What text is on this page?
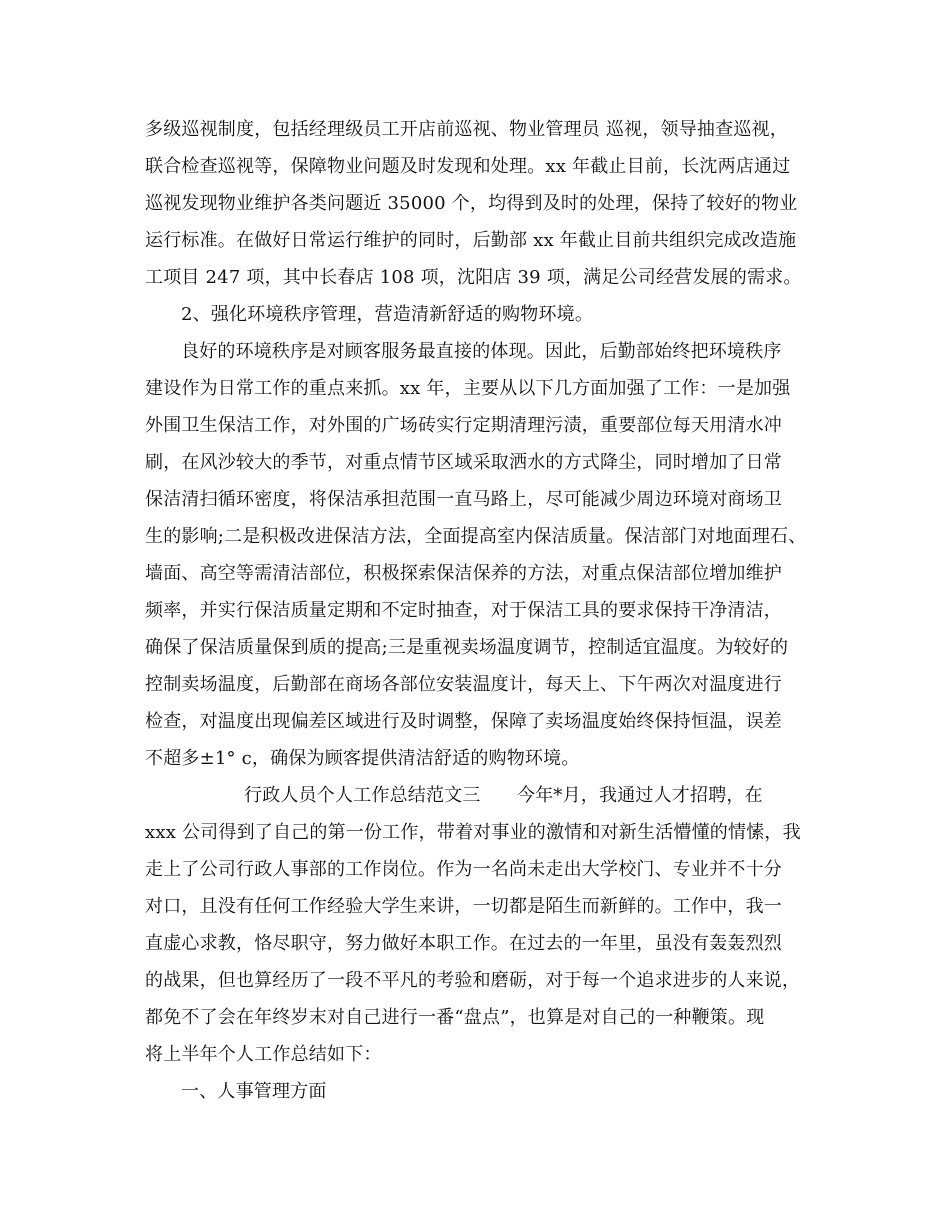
多级巡视制度，包括经理级员工开店前巡视、物业管理员 巡视，领导抽查巡视，
联合检查巡视等，保障物业问题及时发现和处理。xx 年截止目前，长沈两店通过
巡视发现物业维护各类问题近 35000 个，均得到及时的处理，保持了较好的物业
运行标准。在做好日常运行维护的同时，后勤部 xx 年截止目前共组织完成改造施
工项目 247 项，其中长春店 108 项，沈阳店 39 项，满足公司经营发展的需求。
2、强化环境秩序管理，营造清新舒适的购物环境。
良好的环境秩序是对顾客服务最直接的体现。因此，后勤部始终把环境秩序
建设作为日常工作的重点来抓。xx 年，主要从以下几方面加强了工作：一是加强
外围卫生保洁工作，对外围的广场砖实行定期清理污渍，重要部位每天用清水冲
刷，在风沙较大的季节，对重点情节区域采取洒水的方式降尘，同时增加了日常
保洁清扫循环密度，将保洁承担范围一直马路上，尽可能减少周边环境对商场卫
生的影响;二是积极改进保洁方法，全面提高室内保洁质量。保洁部门对地面理石、
墙面、高空等需清洁部位，积极探索保洁保养的方法，对重点保洁部位增加维护
频率，并实行保洁质量定期和不定时抽查，对于保洁工具的要求保持干净清洁，
确保了保洁质量保到质的提高;三是重视卖场温度调节，控制适宜温度。为较好的
控制卖场温度，后勤部在商场各部位安装温度计，每天上、下午两次对温度进行
检查，对温度出现偏差区域进行及时调整，保障了卖场温度始终保持恒温，误差
不超多±1° c，确保为顾客提供清洁舒适的购物环境。
行政人员个人工作总结范文三　　今年*月，我通过人才招聘，在
xxx 公司得到了自己的第一份工作，带着对事业的激情和对新生活懵懂的情愫，我
走上了公司行政人事部的工作岗位。作为一名尚未走出大学校门、专业并不十分
对口，且没有任何工作经验大学生来讲，一切都是陌生而新鲜的。工作中，我一
直虚心求教，恪尽职守，努力做好本职工作。在过去的一年里，虽没有轰轰烈烈
的战果，但也算经历了一段不平凡的考验和磨砺，对于每一个追求进步的人来说，
都免不了会在年终岁末对自己进行一番“盘点”，也算是对自己的一种鞭策。现
将上半年个人工作总结如下：
一、人事管理方面
